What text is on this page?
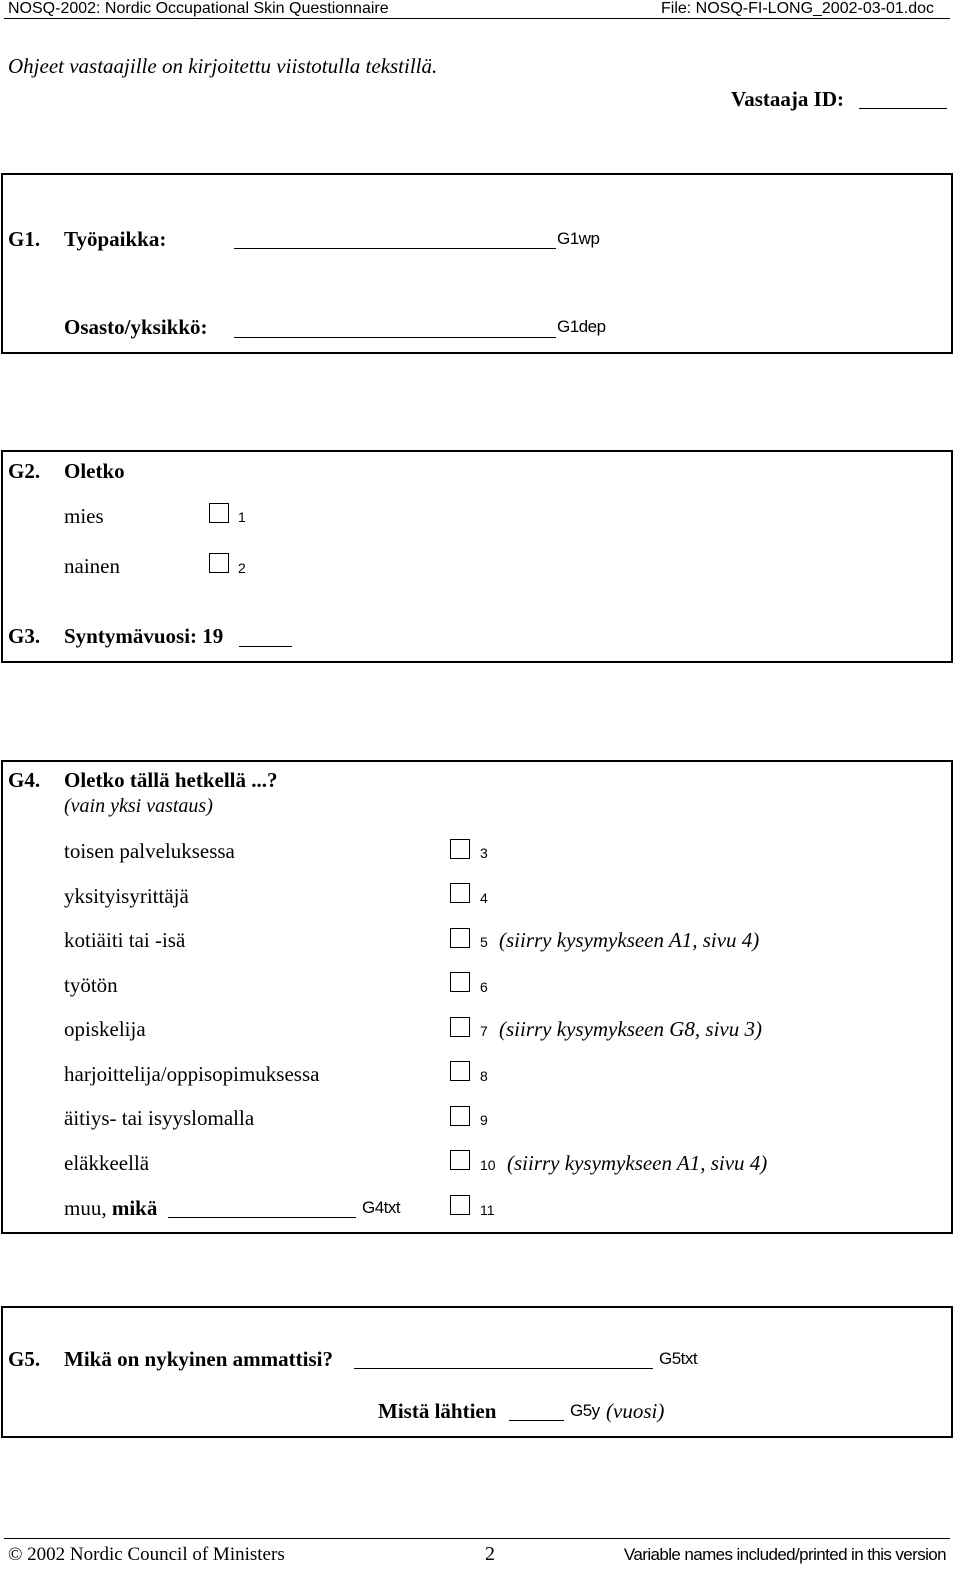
NOSQ-2002: Nordic Occupational Skin Questionnaire	File: NOSQ-FI-LONG_2002-03-01.doc
Ohjeet vastaajille on kirjoitettu viistotulla tekstillä.
Vastaaja ID:
G1. Työpaikka:	G1wp
Osasto/yksikkö:	G1dep
G2. Oletko
mies	1
nainen	2
G3. Syntymävuosi: 19
G4. Oletko tällä hetkellä ...?
(vain yksi vastaus)
toisen palveluksessa	3
yksityisyrittäjä	4
kotiäiti tai -isä	5 (siirry kysymykseen A1, sivu 4)
työtön	6
opiskelija	7 (siirry kysymykseen G8, sivu 3)
harjoittelija/oppisopimuksessa	8
äitiys- tai isyyslomalla	9
eläkkeellä	10 (siirry kysymykseen A1, sivu 4)
muu, mikä	G4txt	11
G5. Mikä on nykyinen ammattisi?	G5txt
Mistä lähtien	G5y (vuosi)
© 2002 Nordic Council of Ministers	2	Variable names included/printed in this version
